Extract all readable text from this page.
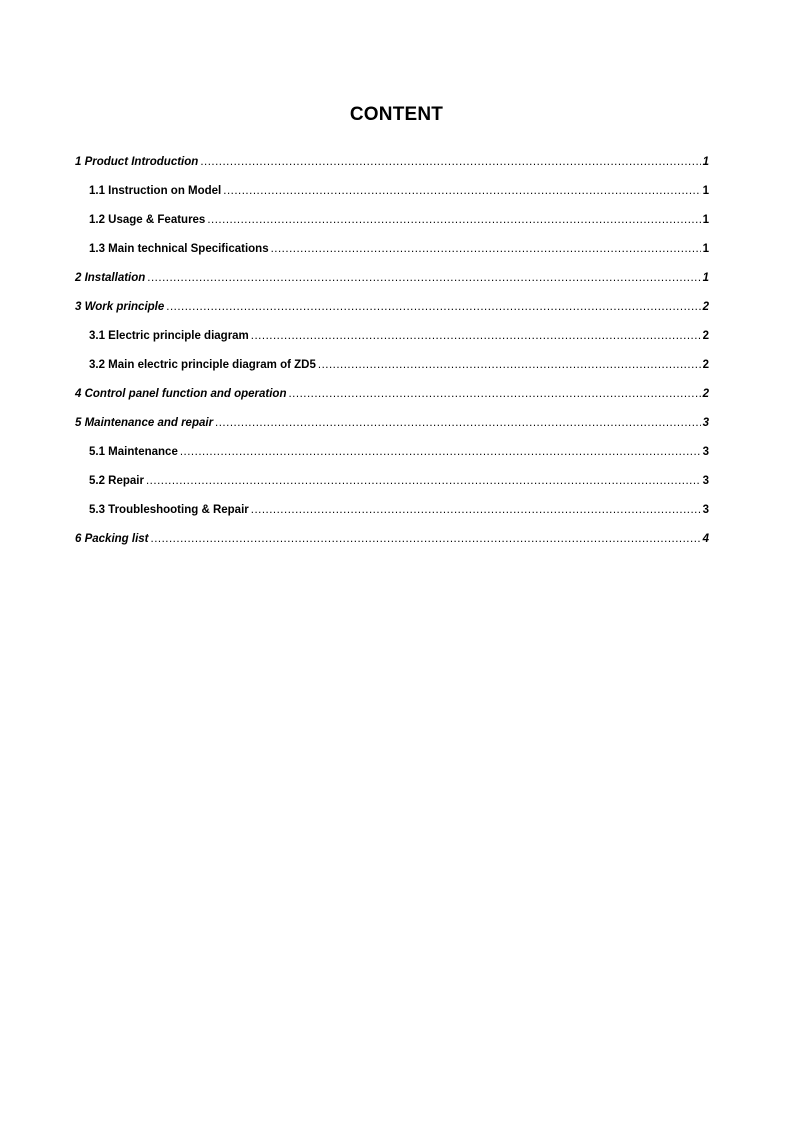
CONTENT
1 Product Introduction .....	1
1.1 Instruction on Model .....	1
1.2 Usage & Features .....	1
1.3 Main technical Specifications .....	1
2 Installation .....	1
3 Work principle .....	2
3.1 Electric principle diagram .....	2
3.2 Main electric principle diagram of ZD5 .....	2
4 Control panel function and operation .....	2
5 Maintenance and repair .....	3
5.1 Maintenance .....	3
5.2 Repair .....	3
5.3 Troubleshooting & Repair .....	3
6 Packing list .....	4
